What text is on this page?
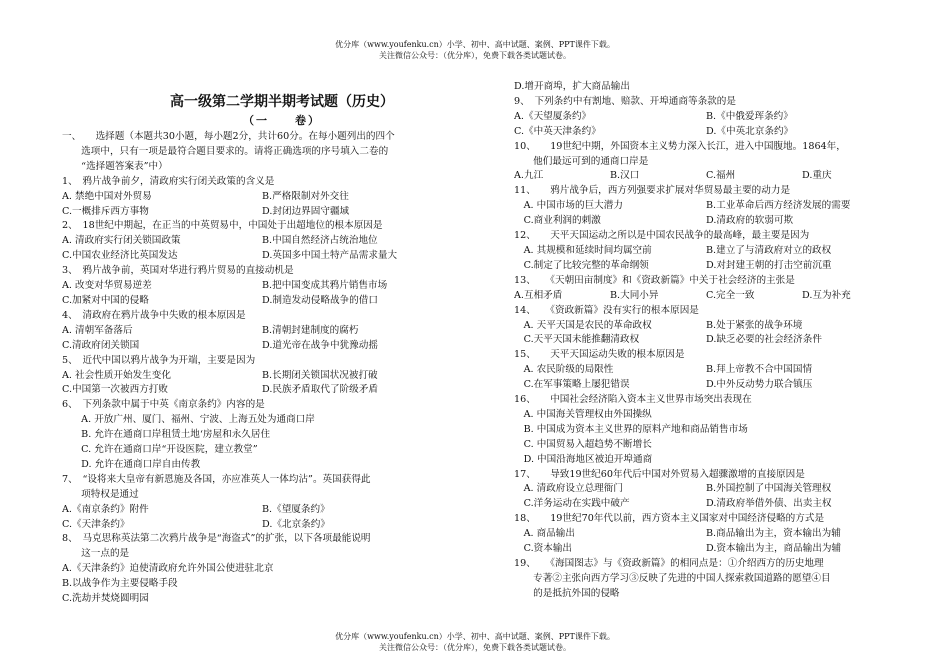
优分库（www.youfenku.cn）小学、初中、高中试题、案例、PPT课件下载。
关注微信公众号：（优分库），免费下载各类试题试卷。
高一级第二学期半期考试题（历史）
（一　　卷）
一、　　选择题（本题共30小题，每小题2分，共计60分。在每小题列出的四个
　　选项中，只有一项是最符合题目要求的。请将正确选项的序号填入二卷的
　　“选择题答案表”中）
1、　鸦片战争前夕，清政府实行闭关政策的含义是
A. 禁绝中国对外贸易	B.严格限制对外交往
C.一概排斥西方事物	D.封闭边界固守疆域
2、　18世纪中期起，在正当的中英贸易中，中国处于出超地位的根本原因是
A. 清政府实行闭关锁国政策	B.中国自然经济占统治地位
C.中国农业经济比英国发达	D.英国多中国土特产品需求量大
3、　鸦片战争前，英国对华进行鸦片贸易的直接动机是
A. 改变对华贸易逆差	B.把中国变成其鸦片销售市场
C.加紧对中国的侵略	D.制造发动侵略战争的借口
4、　清政府在鸦片战争中失败的根本原因是
A. 清朝军备落后	B.清朝封建制度的腐朽
C.清政府闭关锁国	D.道光帝在战争中犹豫动摇
5、　近代中国以鸦片战争为开端，主要是因为
A. 社会性质开始发生变化	B.长期闭关锁国状况被打破
C.中国第一次被西方打败	D.民族矛盾取代了阶级矛盾
6、　下列条款中属于中英《南京条约》内容的是
　　A. 开放广州、厦门、福州、宁波、上海五处为通商口岸
　　B. 允许在通商口岸租赁土地‘房屋和永久居住
　　C. 允许在通商口岸“开设医院，建立教堂”
　　D. 允许在通商口岸自由传教
7、　“设将来大皇帝有新恩施及各国，亦应准英人一体均沾”。英国获得此
　　项特权是通过
A.《南京条约》附件	B.《望厦条约》
C.《天津条约》	D.《北京条约》
8、　马克思称英法第二次鸦片战争是“海盗式”的扩张，以下各项最能说明
　　这一点的是
A.《天津条约》迫使清政府允许外国公使进驻北京
B.以战争作为主要侵略手段
C.洗劫并焚烧圆明园
D.增开商埠，扩大商品输出
9、　下列条约中有割地、赔款、开埠通商等条款的是
A.《天望厦条约》	B.《中俄爱珲条约》
C.《中英天津条约》	D.《中英北京条约》
10、　　19世纪中期，外国资本主义势力深入长江，进入中国腹地。1864年，
　　他们最远可到的通商口岸是
A.九江	B.汉口	C.福州	D.重庆
11、　　鸦片战争后，西方列强要求扩展对华贸易最主要的动力是
　A. 中国市场的巨大潜力	B.工业革命后西方经济发展的需要
　C.商业利润的刺激	D.清政府的软弱可欺
12、　　天平天国运动之所以是中国农民战争的最高峰，最主要是因为
　A. 其规模和延续时间均属空前	B.建立了与清政府对立的政权
　C.制定了比较完整的革命纲领	D.对封建王朝的打击空前沉重
13、　　《天朝田亩制度》和《资政新篇》中关于社会经济的主张是
A.互相矛盾	B.大同小异	C.完全一致	D.互为补充
14、　　《资政新篇》没有实行的根本原因是
　A. 天平天国是农民的革命政权	B.处于紧张的战争环境
　C.天平天国未能推翻清政权	D.缺乏必要的社会经济条件
15、　　天平天国运动失败的根本原因是
　A. 农民阶级的局限性	B.拜上帝教不合中国国情
　C.在军事策略上屡犯错误	D.中外反动势力联合镇压
16、　　中国社会经济陷入资本主义世界市场突出表现在
　A. 中国海关管理权由外国操纵
　B. 中国成为资本主义世界的原料产地和商品销售市场
　C. 中国贸易入超趋势不断增长
　D. 中国沿海地区被迫开埠通商
17、　　导致19世纪60年代后中国对外贸易入超骤激增的直接原因是
　A. 清政府设立总理衙门	B.外国控制了中国海关管理权
　C.洋务运动在实践中破产	D.清政府举借外债、出卖主权
18、　　19世纪70年代以前，西方资本主义国家对中国经济侵略的方式是
　A. 商品输出	B.商品输出为主，资本输出为辅
　C.资本输出	D.资本输出为主，商品输出为辅
19、　　《海国图志》与《资政新篇》的相同点是：①介绍西方的历史地理
　　专著②主张向西方学习③反映了先进的中国人探索救国道路的愿望④目
　　的是抵抗外国的侵略
优分库（www.youfenku.cn）小学、初中、高中试题、案例、PPT课件下载。
关注微信公众号：（优分库），免费下载各类试题试卷。
